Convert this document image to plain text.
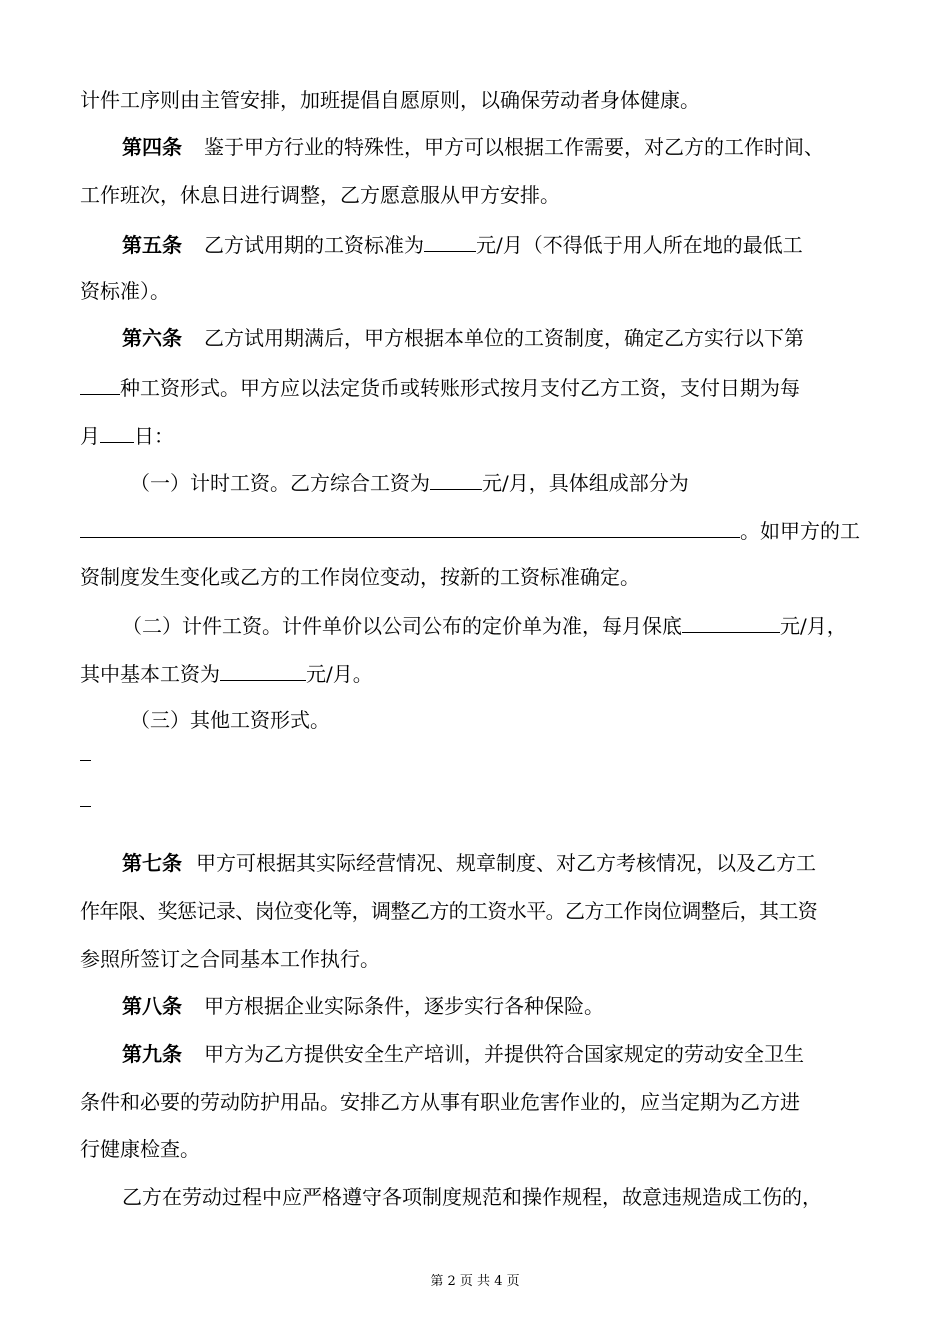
计件工序则由主管安排，加班提倡自愿原则，以确保劳动者身体健康。
第四条 鉴于甲方行业的特殊性，甲方可以根据工作需要，对乙方的工作时间、
工作班次，休息日进行调整，乙方愿意服从甲方安排。
第五条 乙方试用期的工资标准为	元/月（不得低于用人所在地的最低工
资标准）。
第六条 乙方试用期满后，甲方根据本单位的工资制度，确定乙方实行以下第
种工资形式。甲方应以法定货币或转账形式按月支付乙方工资，支付日期为每
月 日：
（一）计时工资。乙方综合工资为	元/月，具体组成部分为
。如甲方的工
资制度发生变化或乙方的工作岗位变动，按新的工资标准确定。
（二）计件工资。计件单价以公司公布的定价单为准，每月保底	元/月，
其中基本工资为	元/月。
（三）其他工资形式。
第七条 甲方可根据其实际经营情况、规章制度、对乙方考核情况，以及乙方工
作年限、奖惩记录、岗位变化等，调整乙方的工资水平。乙方工作岗位调整后，其工资
参照所签订之合同基本工作执行。
第八条 甲方根据企业实际条件，逐步实行各种保险。
第九条 甲方为乙方提供安全生产培训，并提供符合国家规定的劳动安全卫生
条件和必要的劳动防护用品。安排乙方从事有职业危害作业的，应当定期为乙方进
行健康检查。
乙方在劳动过程中应严格遵守各项制度规范和操作规程，故意违规造成工伤的，
第 2 页 共 4 页
